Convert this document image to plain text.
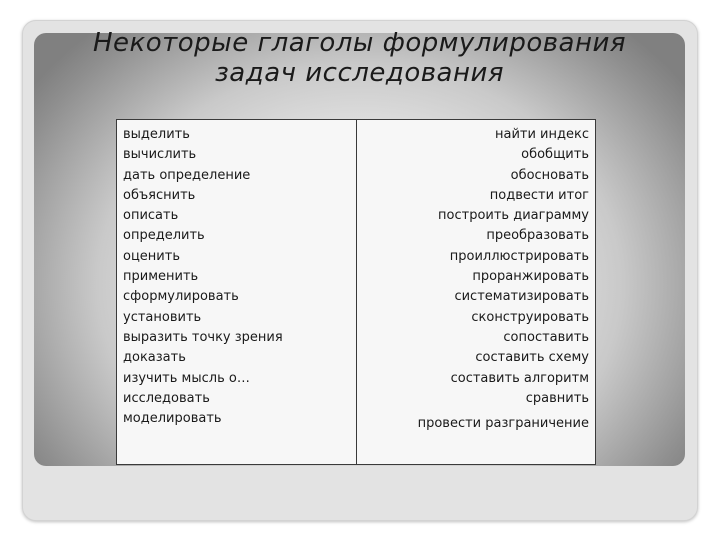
Некоторые глаголы формулирования
задач исследования
выделить
вычислить
дать определение
объяснить
описать
определить
оценить
применить
сформулировать
установить
выразить точку зрения
доказать
изучить мысль о…
исследовать
моделировать
найти индекс
обобщить
обосновать
подвести итог
построить диаграмму
преобразовать
проиллюстрировать
проранжировать
систематизировать
сконструировать
сопоставить
составить схему
составить алгоритм
сравнить
провести разграничение
